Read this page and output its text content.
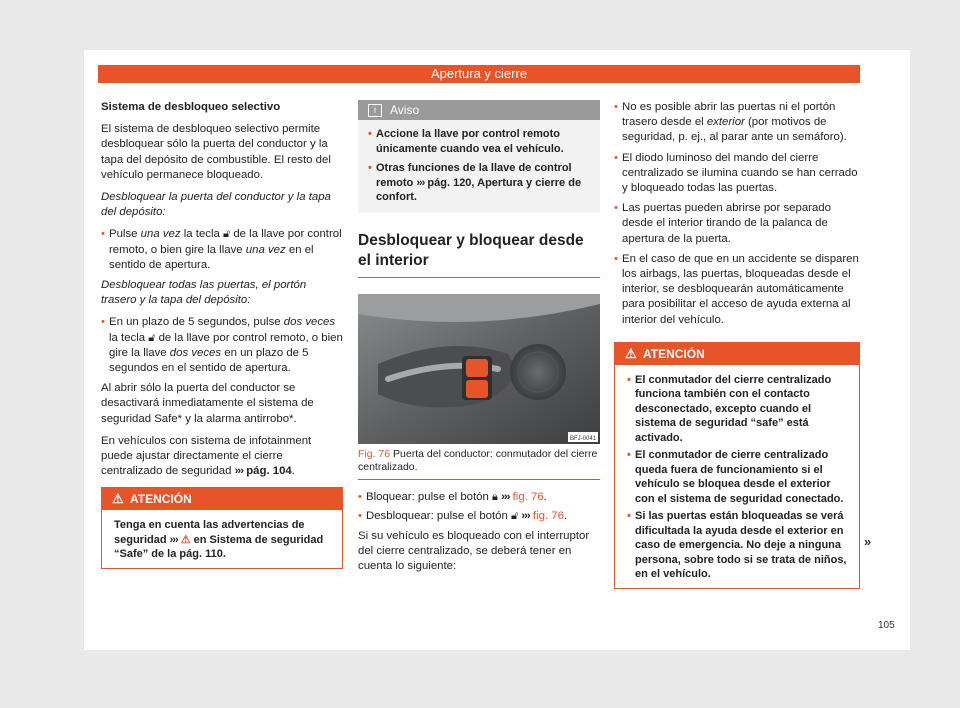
Apertura y cierre

Sistema de desbloqueo selectivo

El sistema de desbloqueo selectivo permite desbloquear sólo la puerta del conductor y la tapa del depósito de combustible. El resto del vehículo permanece bloqueado.

Desbloquear la puerta del conductor y la tapa del depósito:

• Pulse una vez la tecla 🔓︎ de la llave por control remoto, o bien gire la llave una vez en el sentido de apertura.

Desbloquear todas las puertas, el portón trasero y la tapa del depósito:

• En un plazo de 5 segundos, pulse dos veces la tecla 🔓︎ de la llave por control remoto, o bien gire la llave dos veces en un plazo de 5 segundos en el sentido de apertura.

Al abrir sólo la puerta del conductor se desactivará inmediatamente el sistema de seguridad Safe* y la alarma antirrobo*.

En vehículos con sistema de infotainment puede ajustar directamente el cierre centralizado de seguridad ››› pág. 104.

⚠ ATENCIÓN
Tenga en cuenta las advertencias de seguridad ››› ⚠ en Sistema de seguridad “Safe” de la pág. 110.
i	Aviso

• Accione la llave por control remoto únicamente cuando vea el vehículo.

• Otras funciones de la llave de control remoto ››› pág. 120, Apertura y cierre de confort.

Desbloquear y bloquear desde el interior
BFJ-0041
Fig. 76 Puerta del conductor: conmutador del cierre centralizado.

• Bloquear: pulse el botón 🔒︎ ››› fig. 76.

• Desbloquear: pulse el botón 🔓︎ ››› fig. 76.

Si su vehículo es bloqueado con el interruptor del cierre centralizado, se deberá tener en cuenta lo siguiente:

• No es posible abrir las puertas ni el portón trasero desde el exterior (por motivos de seguridad, p. ej., al parar ante un semáforo).

• El diodo luminoso del mando del cierre centralizado se ilumina cuando se han cerrado y bloqueado todas las puertas.

• Las puertas pueden abrirse por separado desde el interior tirando de la palanca de apertura de la puerta.

• En el caso de que en un accidente se disparen los airbags, las puertas, bloqueadas desde el interior, se desbloquearán automáticamente para posibilitar el acceso de ayuda externa al interior del vehículo.

⚠ ATENCIÓN

• El conmutador del cierre centralizado funciona también con el contacto desconectado, excepto cuando el sistema de seguridad “safe” está activado.

• El conmutador de cierre centralizado queda fuera de funcionamiento si el vehículo se bloquea desde el exterior con el sistema de seguridad conectado.

• Si las puertas están bloqueadas se verá dificultada la ayuda desde el exterior en caso de emergencia. No deje a ninguna persona, sobre todo si se trata de niños, en el vehículo.

»
105
